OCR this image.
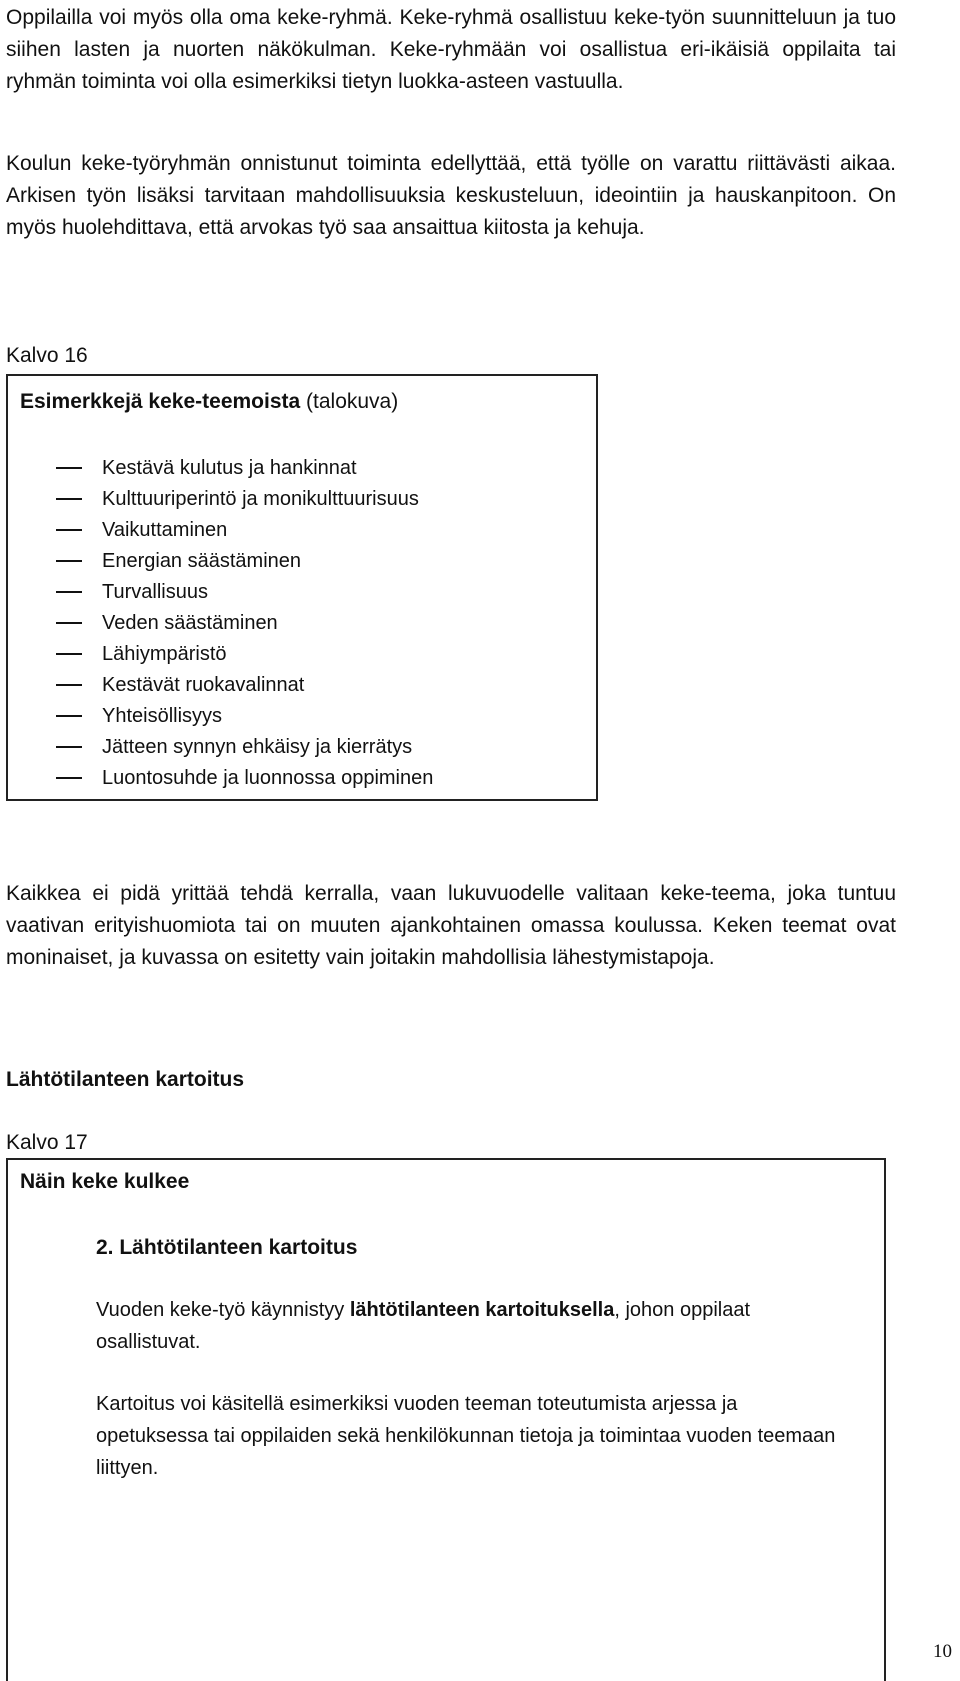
Oppilailla voi myös olla oma keke-ryhmä. Keke-ryhmä osallistuu keke-työn suunnitteluun ja tuo siihen lasten ja nuorten näkökulman. Keke-ryhmään voi osallistua eri-ikäisiä oppilaita tai ryhmän toiminta voi olla esimerkiksi tietyn luokka-asteen vastuulla.

Koulun keke-työryhmän onnistunut toiminta edellyttää, että työlle on varattu riittävästi aikaa. Arkisen työn lisäksi tarvitaan mahdollisuuksia keskusteluun, ideointiin ja hauskanpitoon. On myös huolehdittava, että arvokas työ saa ansaittua kiitosta ja kehuja.

Kalvo 16

Esimerkkejä keke-teemoista (talokuva)

Kestävä kulutus ja hankinnat
Kulttuuriperintö ja monikulttuurisuus
Vaikuttaminen
Energian säästäminen
Turvallisuus
Veden säästäminen
Lähiympäristö
Kestävät ruokavalinnat
Yhteisöllisyys
Jätteen synnyn ehkäisy ja kierrätys
Luontosuhde ja luonnossa oppiminen

Kaikkea ei pidä yrittää tehdä kerralla, vaan lukuvuodelle valitaan keke-teema, joka tuntuu vaativan erityishuomiota tai on muuten ajankohtainen omassa koulussa. Keken teemat ovat moninaiset, ja kuvassa on esitetty vain joitakin mahdollisia lähestymistapoja.

Lähtötilanteen kartoitus

Kalvo 17

Näin keke kulkee

2. Lähtötilanteen kartoitus

Vuoden keke-työ käynnistyy lähtötilanteen kartoituksella, johon oppilaat osallistuvat.

Kartoitus voi käsitellä esimerkiksi vuoden teeman toteutumista arjessa ja opetuksessa tai oppilaiden sekä henkilökunnan tietoja ja toimintaa vuoden teemaan liittyen.

10
